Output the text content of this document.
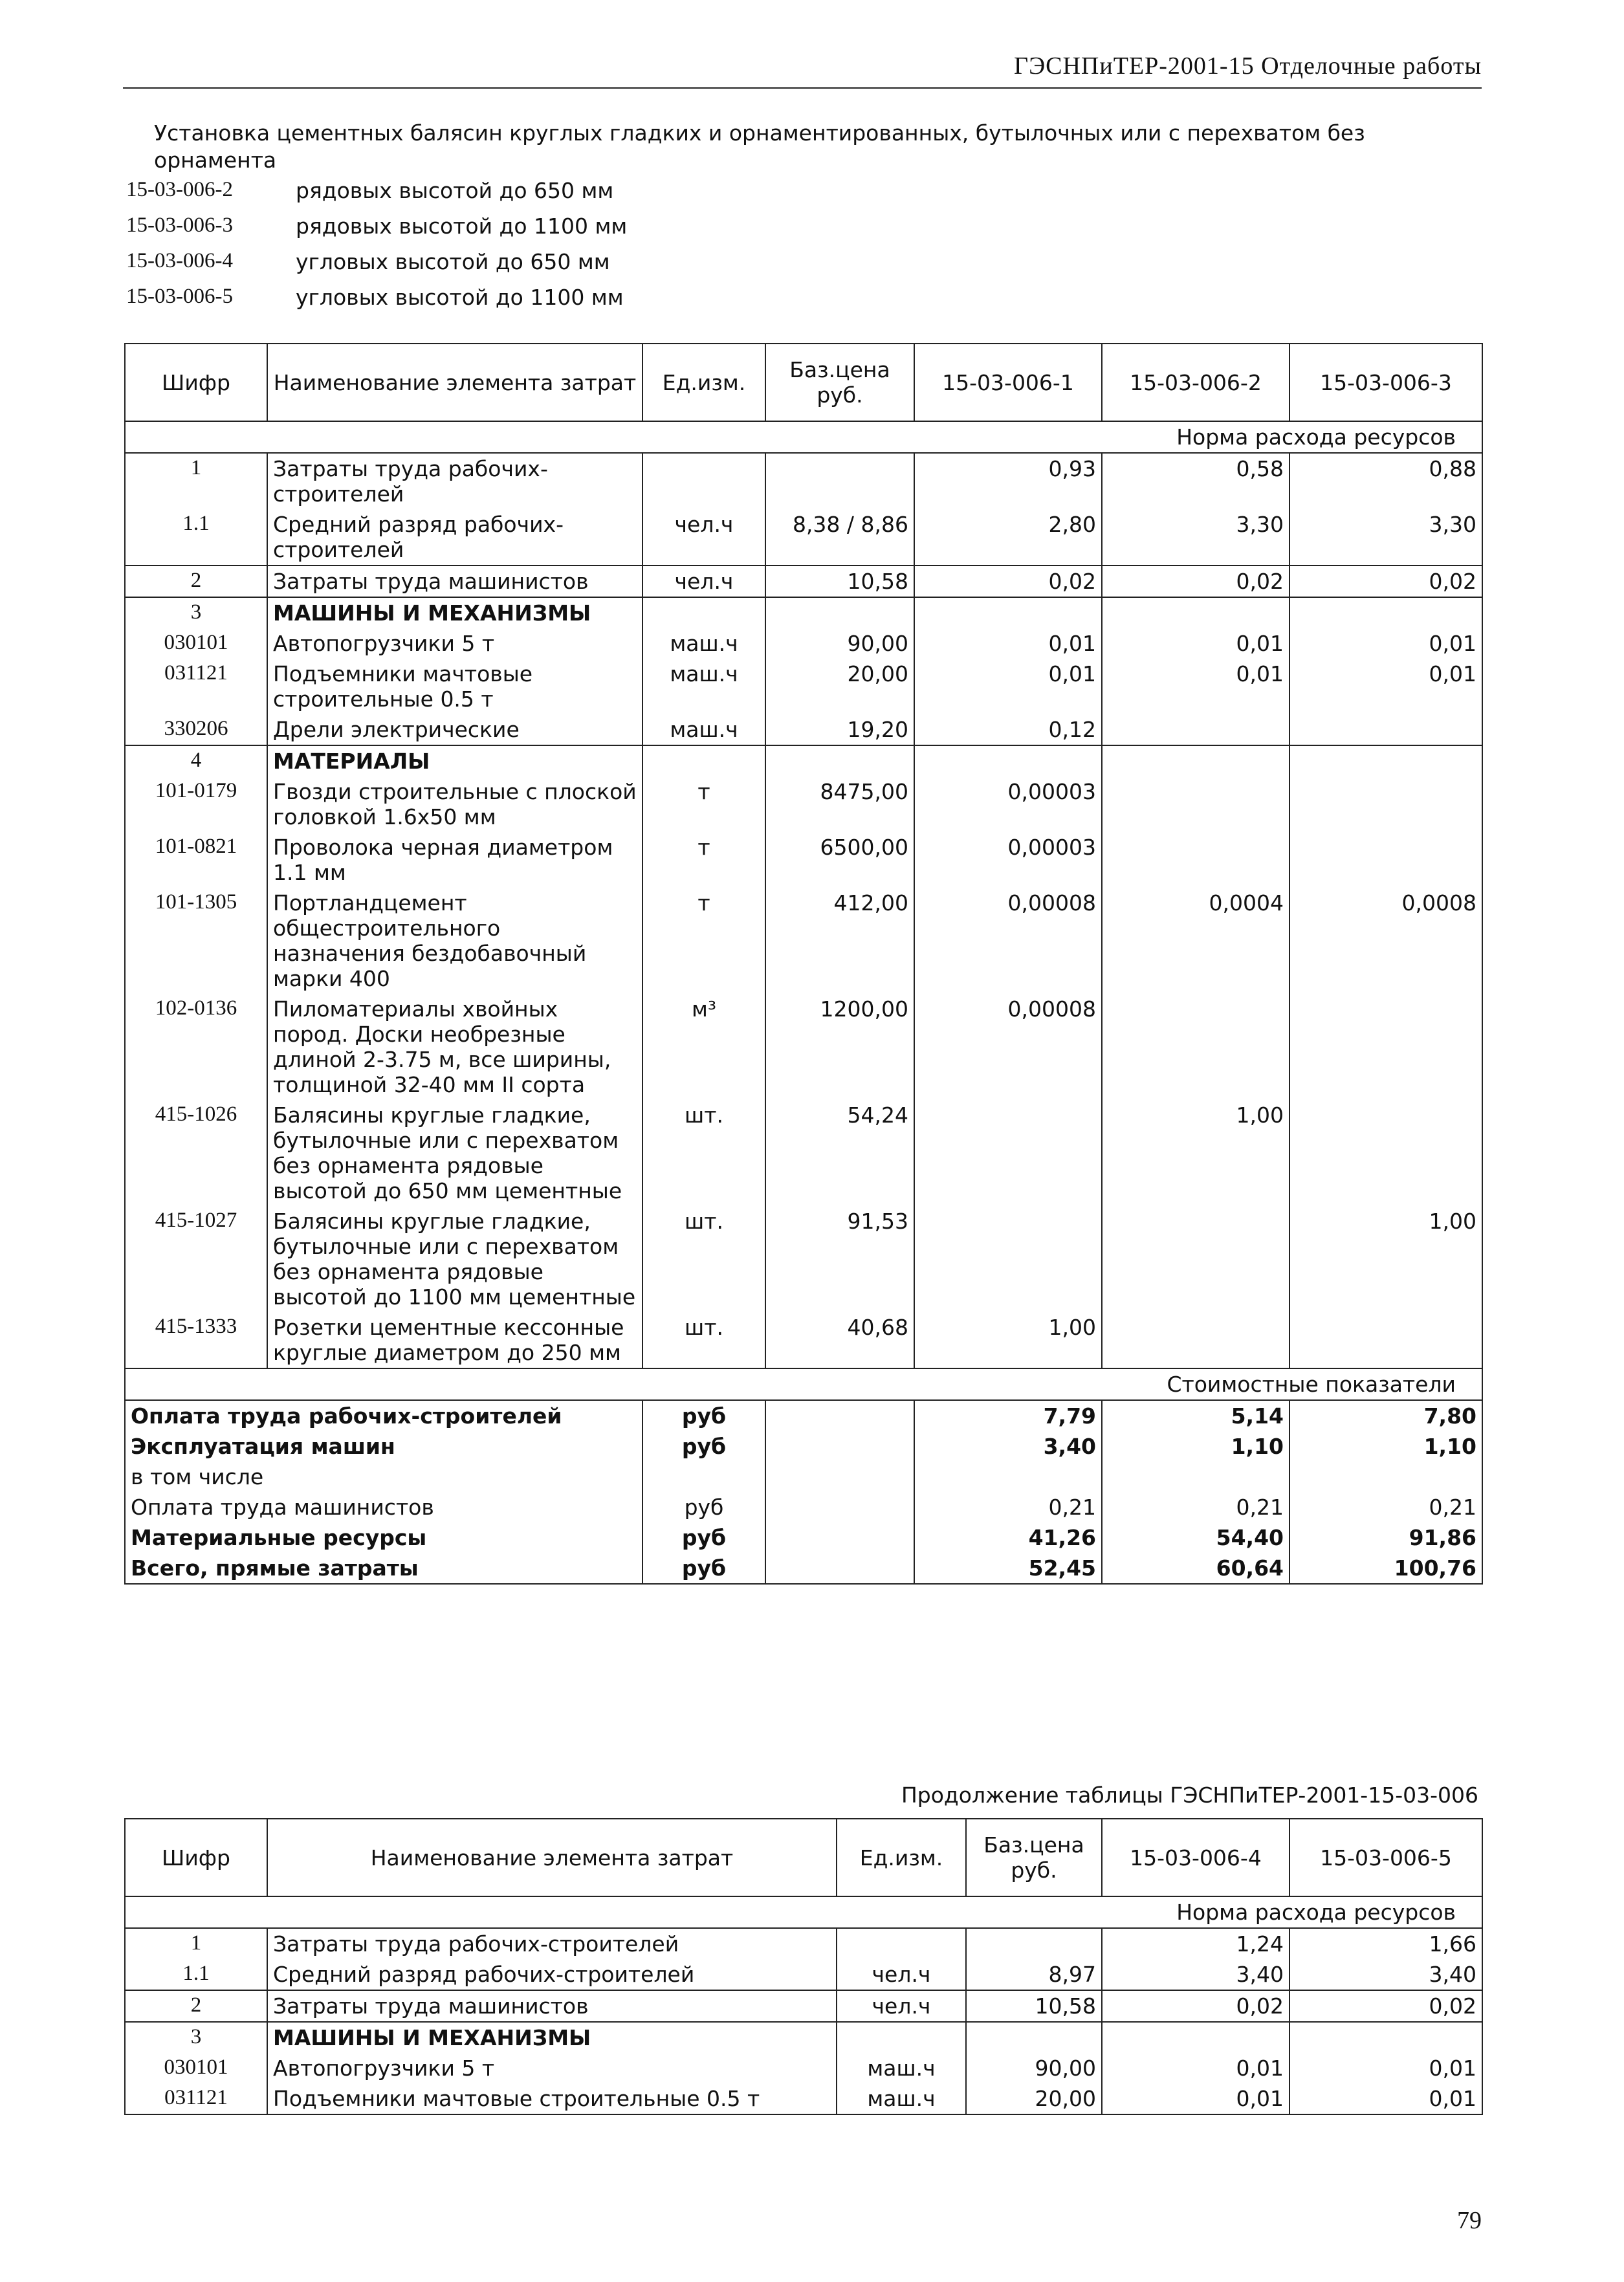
ГЭСНПиТЕР-2001-15 Отделочные работы
Установка цементных балясин круглых гладких и орнаментированных, бутылочных или с перехватом без орнамента
15-03-006-2	рядовых высотой до 650 мм
15-03-006-3	рядовых высотой до 1100 мм
15-03-006-4	угловых высотой до 650 мм
15-03-006-5	угловых высотой до 1100 мм
Шифр	Наименование элемента затрат	Ед.изм.	Баз.цена руб.	15-03-006-1	15-03-006-2	15-03-006-3
Норма расхода ресурсов						
1	Затраты труда рабочих-строителей			0,93	0,58	0,88
1.1	Средний разряд рабочих-строителей	чел.ч	8,38 / 8,86	2,80	3,30	3,30
2	Затраты труда машинистов	чел.ч	10,58	0,02	0,02	0,02
3	МАШИНЫ И МЕХАНИЗМЫ					
030101	Автопогрузчики 5 т	маш.ч	90,00	0,01	0,01	0,01
031121	Подъемники мачтовые строительные 0.5 т	маш.ч	20,00	0,01	0,01	0,01
330206	Дрели электрические	маш.ч	19,20	0,12		
4	МАТЕРИАЛЫ					
101-0179	Гвозди строительные с плоской головкой 1.6х50 мм	т	8475,00	0,00003		
101-0821	Проволока черная диаметром 1.1 мм	т	6500,00	0,00003		
101-1305	Портландцемент общестроительного назначения бездобавочный марки 400	т	412,00	0,00008	0,0004	0,0008
102-0136	Пиломатериалы хвойных пород. Доски необрезные длиной 2-3.75 м, все ширины, толщиной 32-40 мм II сорта	м³	1200,00	0,00008		
415-1026	Балясины круглые гладкие, бутылочные или с перехватом без орнамента рядовые высотой до 650 мм цементные	шт.	54,24		1,00	
415-1027	Балясины круглые гладкие, бутылочные или с перехватом без орнамента рядовые высотой до 1100 мм цементные	шт.	91,53			1,00
415-1333	Розетки цементные кессонные круглые диаметром до 250 мм	шт.	40,68	1,00		
Стоимостные показатели						
Оплата труда рабочих-строителей		руб		7,79	5,14	7,80
Эксплуатация машин		руб		3,40	1,10	1,10
в том числе						
Оплата труда машинистов		руб		0,21	0,21	0,21
Материальные ресурсы		руб		41,26	54,40	91,86
Всего, прямые затраты		руб		52,45	60,64	100,76
Продолжение таблицы ГЭСНПиТЕР-2001-15-03-006
Шифр	Наименование элемента затрат	Ед.изм.	Баз.цена руб.	15-03-006-4	15-03-006-5
Норма расхода ресурсов					
1	Затраты труда рабочих-строителей			1,24	1,66
1.1	Средний разряд рабочих-строителей	чел.ч	8,97	3,40	3,40
2	Затраты труда машинистов	чел.ч	10,58	0,02	0,02
3	МАШИНЫ И МЕХАНИЗМЫ				
030101	Автопогрузчики 5 т	маш.ч	90,00	0,01	0,01
031121	Подъемники мачтовые строительные 0.5 т	маш.ч	20,00	0,01	0,01
79
